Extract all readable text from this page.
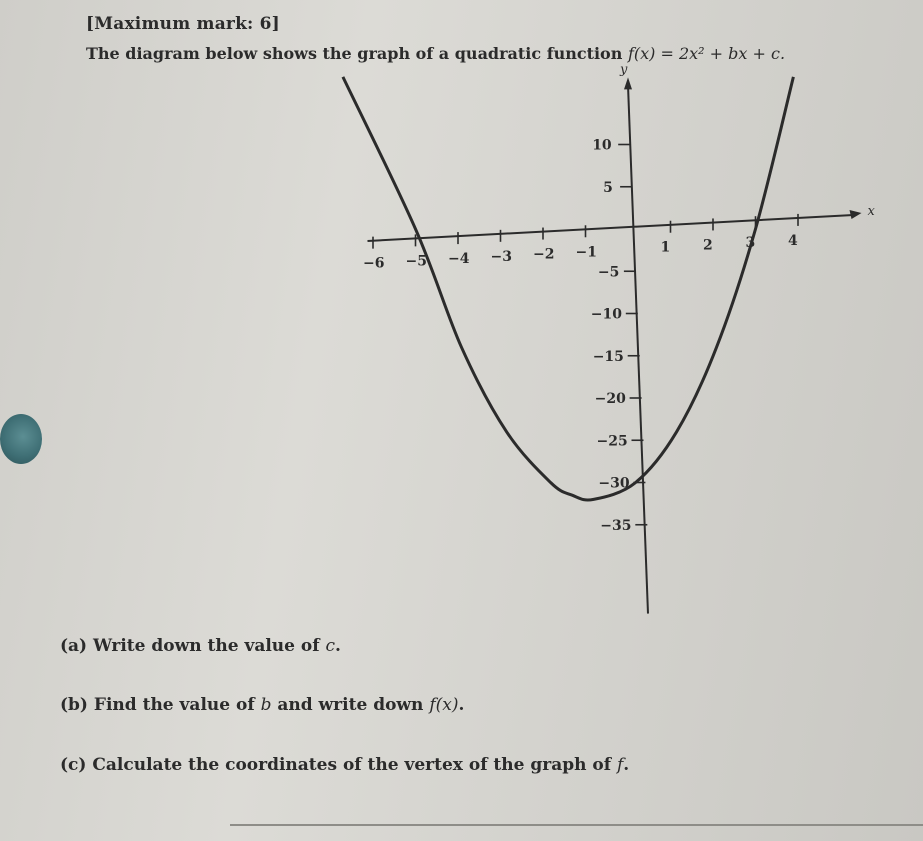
[Maximum mark: 6]
The diagram below shows the graph of a quadratic function f(x) = 2x² + bx + c.
x
y
−6 −5 −4 −3 −2 −1	1 2 3 4
10
5
−5
−10
−15
−20
−25
−30
−35
(a) Write down the value of c.
(b) Find the value of b and write down f(x).
(c) Calculate the coordinates of the vertex of the graph of f.
